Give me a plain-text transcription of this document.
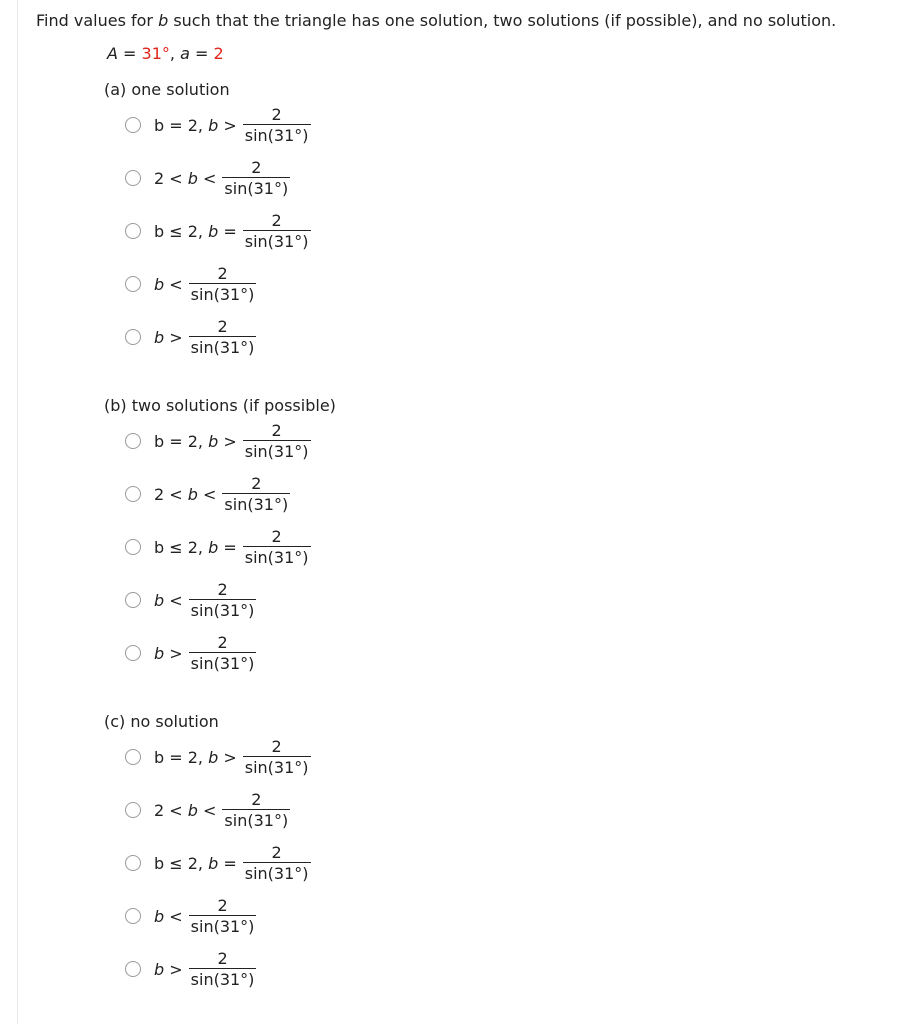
Find values for b such that the triangle has one solution, two solutions (if possible), and no solution.

A = 31°, a = 2
(a) one solution
b = 2, $b > \frac{2}{\sin(31^\circ)}$
$2 < b < \frac{2}{\sin(31^\circ)}$
b ≤ 2, $b = \frac{2}{\sin(31^\circ)}$
$b < \frac{2}{\sin(31^\circ)}$
$b > \frac{2}{\sin(31^\circ)}$
(b) two solutions (if possible)
b = 2, $b > \frac{2}{\sin(31^\circ)}$
$2 < b < \frac{2}{\sin(31^\circ)}$
b ≤ 2, $b = \frac{2}{\sin(31^\circ)}$
$b < \frac{2}{\sin(31^\circ)}$
$b > \frac{2}{\sin(31^\circ)}$
(c) no solution
b = 2, $b > \frac{2}{\sin(31^\circ)}$
$2 < b < \frac{2}{\sin(31^\circ)}$
b ≤ 2, $b = \frac{2}{\sin(31^\circ)}$
$b < \frac{2}{\sin(31^\circ)}$
$b > \frac{2}{\sin(31^\circ)}$
